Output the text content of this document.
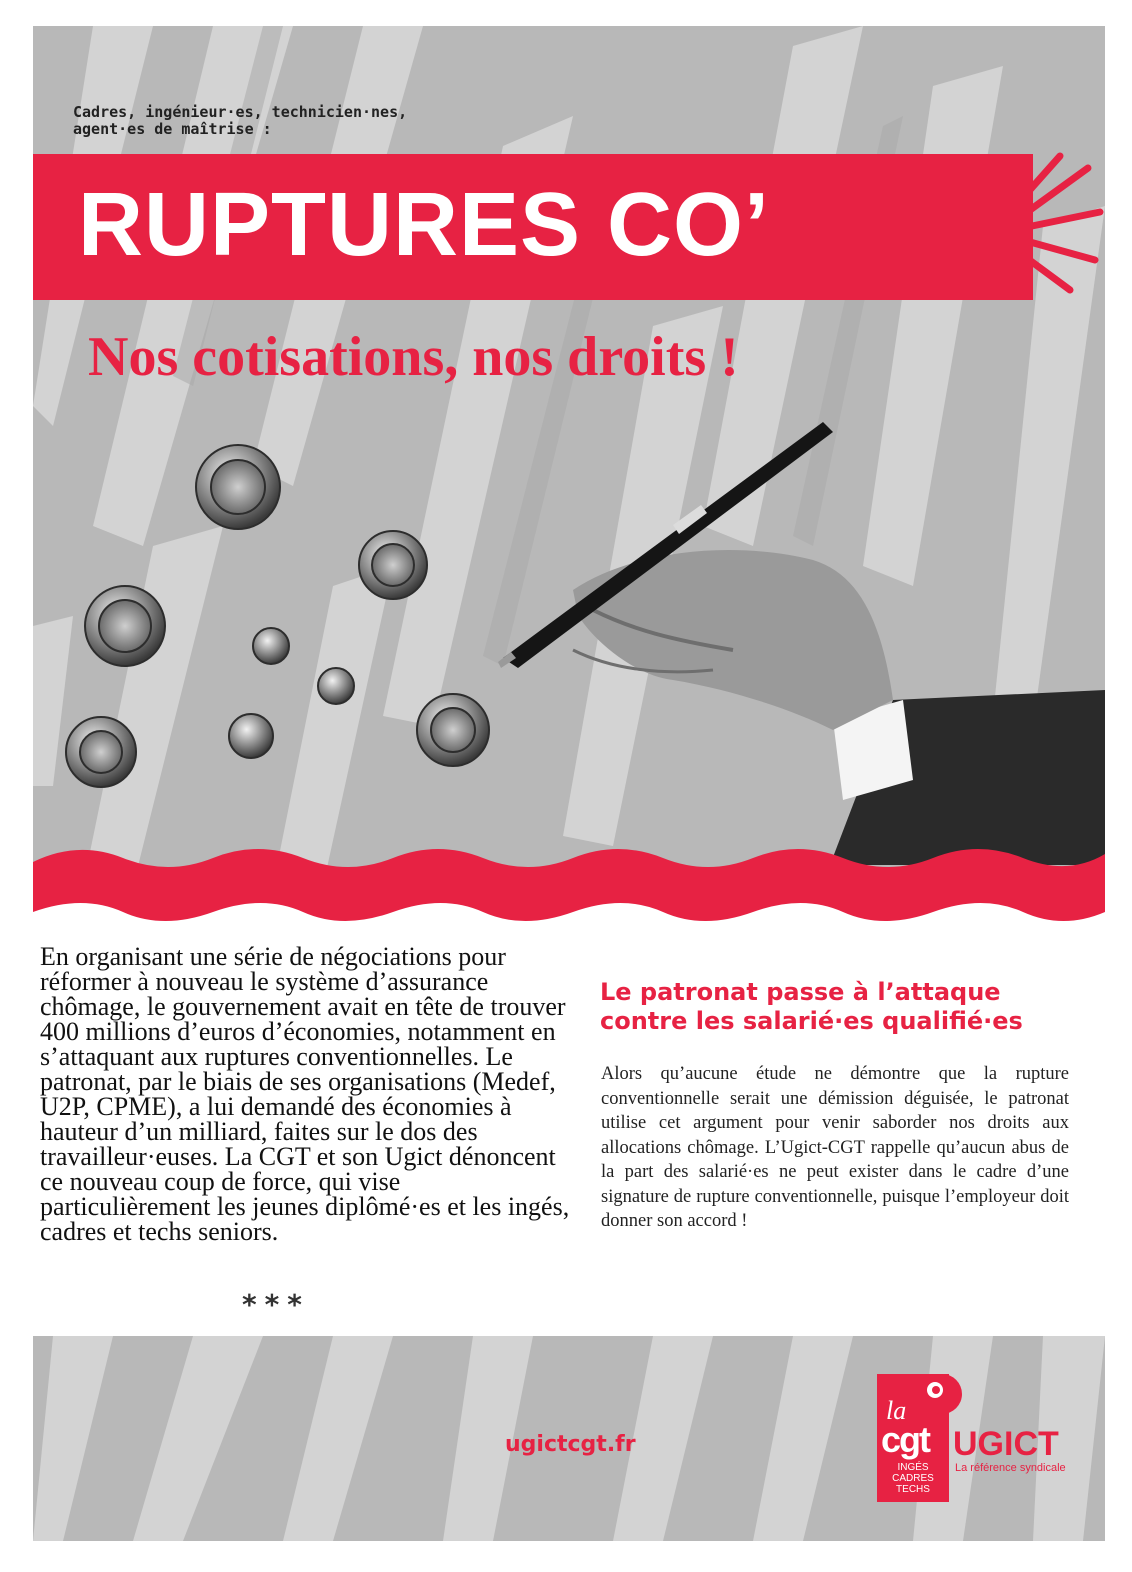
Cadres, ingénieur·es, technicien·nes,
agent·es de maîtrise :
RUPTURES CO’
Nos cotisations, nos droits !
En organisant une série de négociations pour réformer à nouveau le système d’assurance chômage, le gouvernement avait en tête de trouver 400 millions d’euros d’économies, notamment en s’attaquant aux ruptures conventionnelles. Le patronat, par le biais de ses organisations (Medef, U2P, CPME), a lui demandé des économies à hauteur d’un milliard, faites sur le dos des travailleur·euses. La CGT et son Ugict dénoncent ce nouveau coup de force, qui vise particulièrement les jeunes diplômé·es et les ingés, cadres et techs seniors.
***
Le patronat passe à l’attaque
contre les salarié·es qualifié·es
Alors qu’aucune étude ne démontre que la rupture conventionnelle serait une démission déguisée, le patronat utilise cet argument pour venir saborder nos droits aux allocations chômage. L’Ugict-CGT rappelle qu’aucun abus de la part des salarié·es ne peut exister dans le cadre d’une signature de rupture conventionnelle, puisque l’employeur doit donner son accord !
ugictcgt.fr
la
cgt
INGÉS
CADRES
TECHS
UGICT
La référence syndicale
